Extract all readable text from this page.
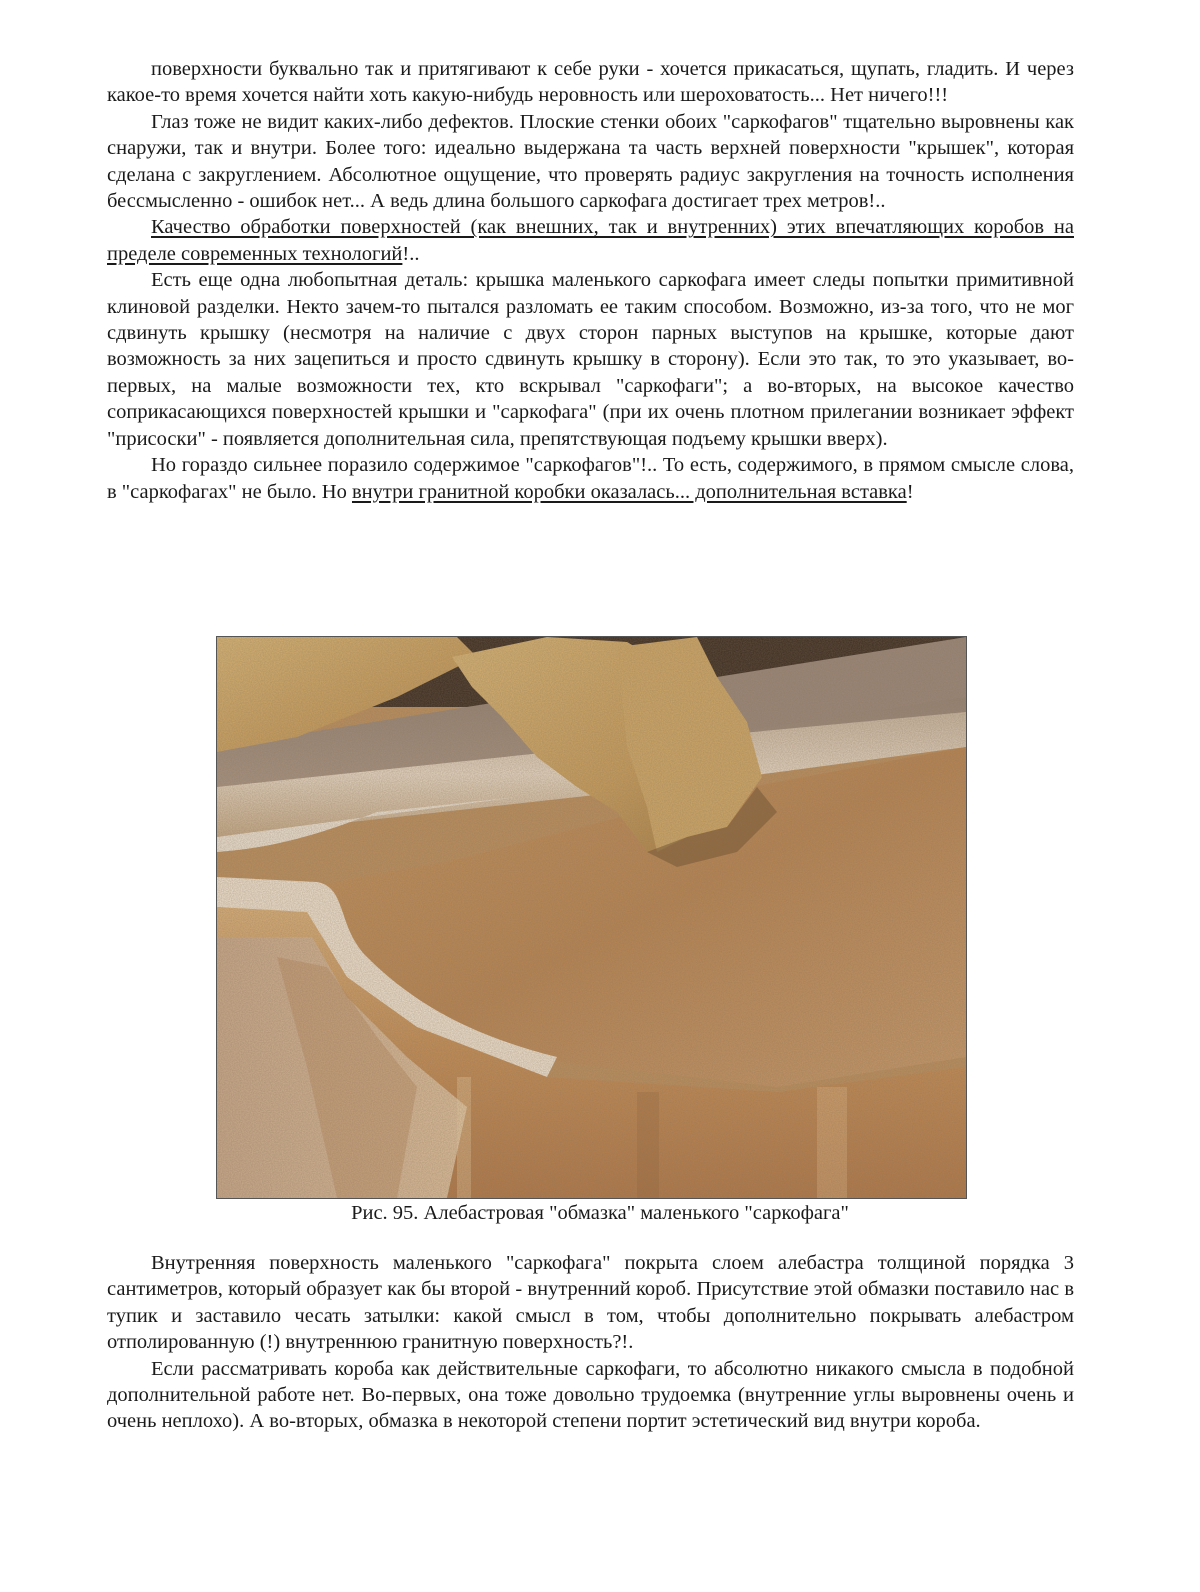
поверхности буквально так и притягивают к себе руки - хочется прикасаться, щупать, гладить. И через какое-то время хочется найти хоть какую-нибудь неровность или шероховатость... Нет ничего!!!

Глаз тоже не видит каких-либо дефектов. Плоские стенки обоих "саркофагов" тщательно выровнены как снаружи, так и внутри. Более того: идеально выдержана та часть верхней поверхности "крышек", которая сделана с закруглением. Абсолютное ощущение, что проверять радиус закругления на точность исполнения бессмысленно - ошибок нет... А ведь длина большого саркофага достигает трех метров!..

Качество обработки поверхностей (как внешних, так и внутренних) этих впечатляющих коробов на пределе современных технологий!..

Есть еще одна любопытная деталь: крышка маленького саркофага имеет следы попытки примитивной клиновой разделки. Некто зачем-то пытался разломать ее таким способом. Возможно, из-за того, что не мог сдвинуть крышку (несмотря на наличие с двух сторон парных выступов на крышке, которые дают возможность за них зацепиться и просто сдвинуть крышку в сторону). Если это так, то это указывает, во-первых, на малые возможности тех, кто вскрывал "саркофаги"; а во-вторых, на высокое качество соприкасающихся поверхностей крышки и "саркофага" (при их очень плотном прилегании возникает эффект "присоски" - появляется дополнительная сила, препятствующая подъему крышки вверх).

Но гораздо сильнее поразило содержимое "саркофагов"!.. То есть, содержимого, в прямом смысле слова, в "саркофагах" не было. Но внутри гранитной коробки оказалась... дополнительная вставка!

Рис. 95. Алебастровая "обмазка" маленького "саркофага"

Внутренняя поверхность маленького "саркофага" покрыта слоем алебастра толщиной порядка 3 сантиметров, который образует как бы второй - внутренний короб. Присутствие этой обмазки поставило нас в тупик и заставило чесать затылки: какой смысл в том, чтобы дополнительно покрывать алебастром отполированную (!) внутреннюю гранитную поверхность?!.

Если рассматривать короба как действительные саркофаги, то абсолютно никакого смысла в подобной дополнительной работе нет. Во-первых, она тоже довольно трудоемка (внутренние углы выровнены очень и очень неплохо). А во-вторых, обмазка в некоторой степени портит эстетический вид внутри короба.
